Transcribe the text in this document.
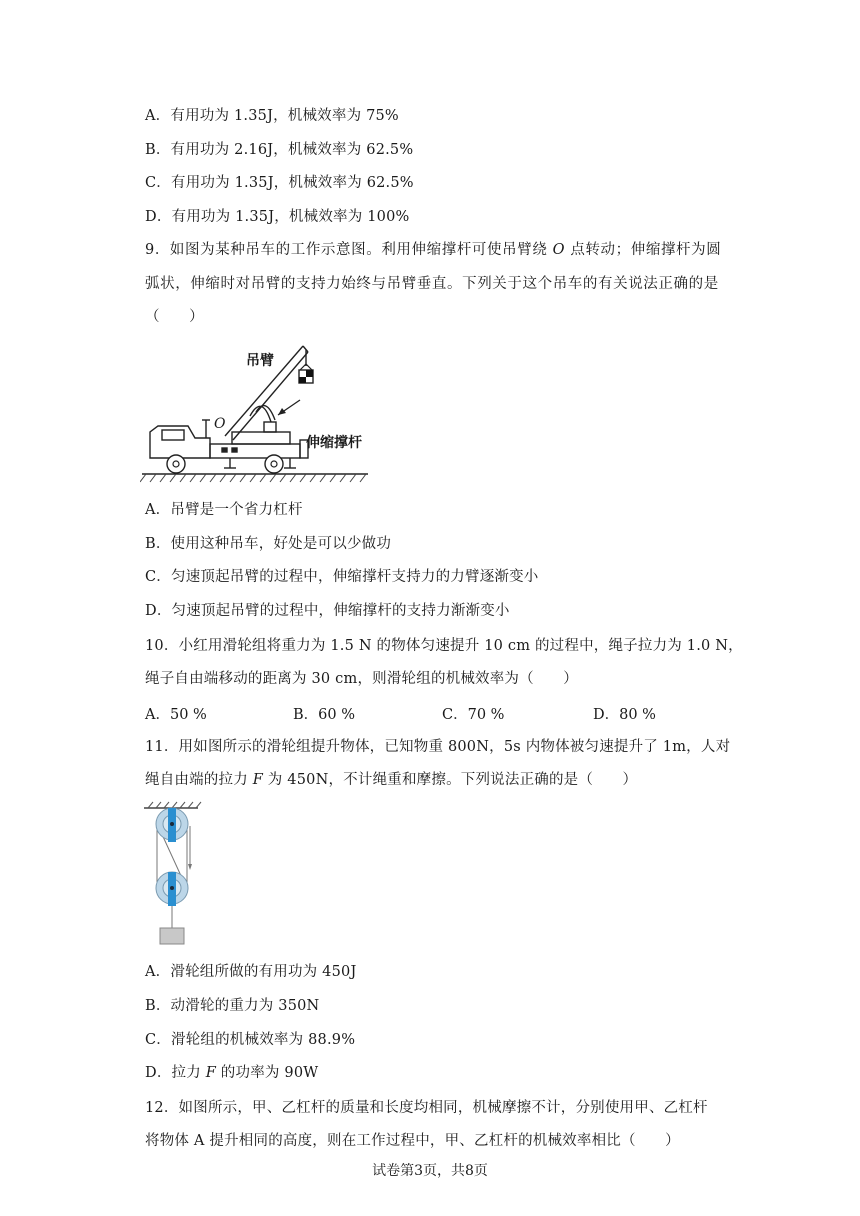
A．有用功为 1.35J，机械效率为 75%
B．有用功为 2.16J，机械效率为 62.5%
C．有用功为 1.35J，机械效率为 62.5%
D．有用功为 1.35J，机械效率为 100%
9．如图为某种吊车的工作示意图。利用伸缩撑杆可使吊臂绕 O 点转动；伸缩撑杆为圆
弧状，伸缩时对吊臂的支持力始终与吊臂垂直。下列关于这个吊车的有关说法正确的是
（　　）
吊臂
O
伸缩撑杆
A．吊臂是一个省力杠杆
B．使用这种吊车，好处是可以少做功
C．匀速顶起吊臂的过程中，伸缩撑杆支持力的力臂逐渐变小
D．匀速顶起吊臂的过程中，伸缩撑杆的支持力渐渐变小
10．小红用滑轮组将重力为 1.5 N 的物体匀速提升 10 cm 的过程中，绳子拉力为 1.0 N，
绳子自由端移动的距离为 30 cm，则滑轮组的机械效率为（　　）
A．50 %	B．60 %	C．70 %	D．80 %
11．用如图所示的滑轮组提升物体，已知物重 800N，5s 内物体被匀速提升了 1m，人对
绳自由端的拉力 F 为 450N，不计绳重和摩擦。下列说法正确的是（　　）
A．滑轮组所做的有用功为 450J
B．动滑轮的重力为 350N
C．滑轮组的机械效率为 88.9%
D．拉力 F 的功率为 90W
12．如图所示，甲、乙杠杆的质量和长度均相同，机械摩擦不计，分别使用甲、乙杠杆
将物体 A 提升相同的高度，则在工作过程中，甲、乙杠杆的机械效率相比（　　）
试卷第3页，共8页
